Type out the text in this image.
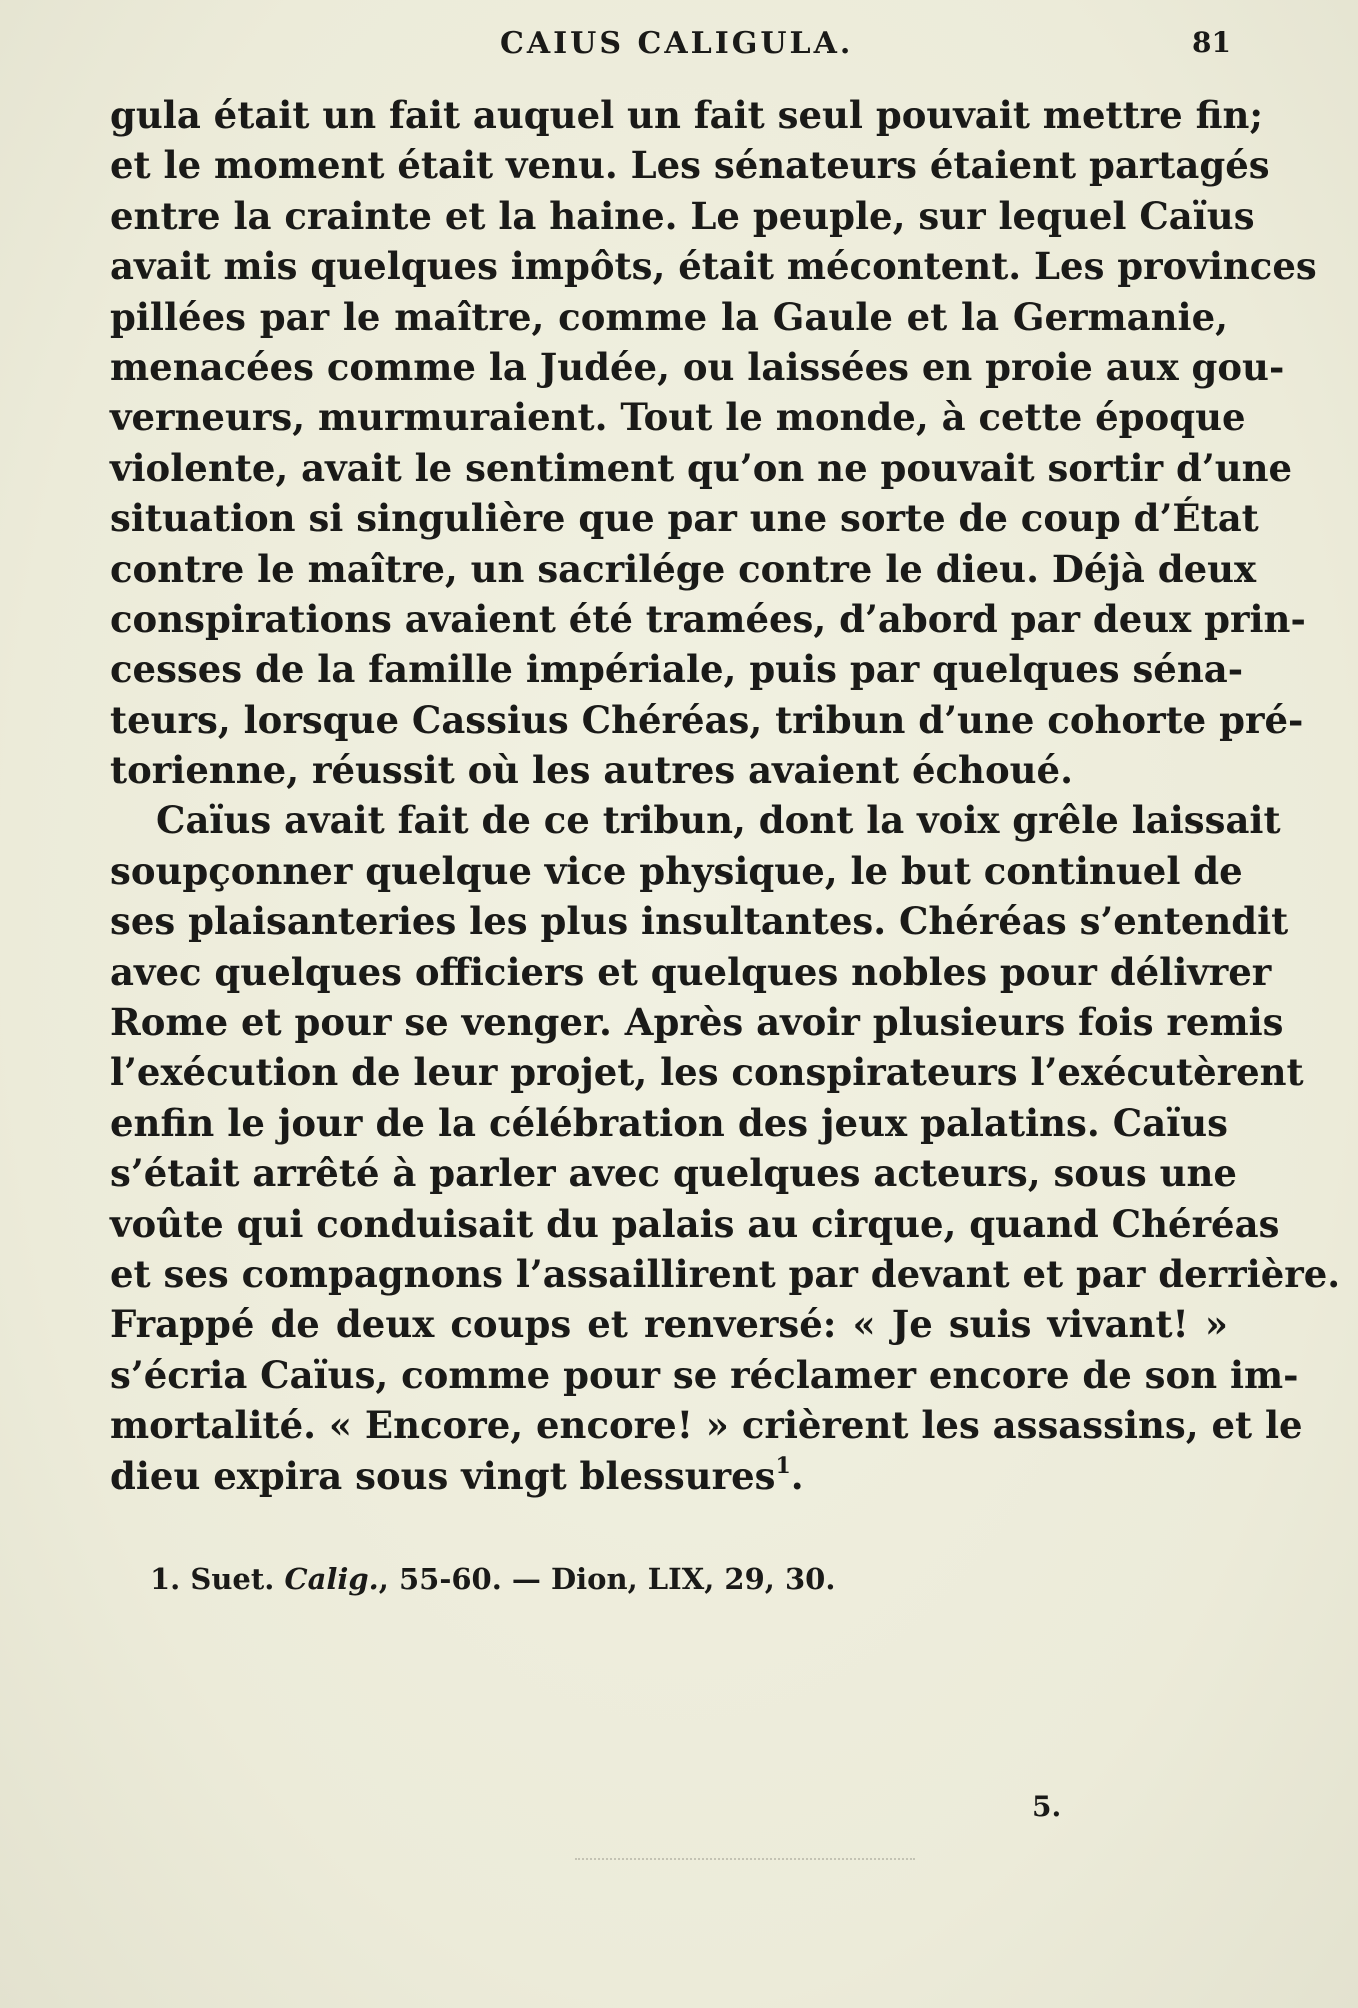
CAIUS CALIGULA.	81
gula était un fait auquel un fait seul pouvait mettre fin;
et le moment était venu. Les sénateurs étaient partagés
entre la crainte et la haine. Le peuple, sur lequel Caïus
avait mis quelques impôts, était mécontent. Les provinces
pillées par le maître, comme la Gaule et la Germanie,
menacées comme la Judée, ou laissées en proie aux gou-
verneurs, murmuraient. Tout le monde, à cette époque
violente, avait le sentiment qu’on ne pouvait sortir d’une
situation si singulière que par une sorte de coup d’État
contre le maître, un sacrilége contre le dieu. Déjà deux
conspirations avaient été tramées, d’abord par deux prin-
cesses de la famille impériale, puis par quelques séna-
teurs, lorsque Cassius Chéréas, tribun d’une cohorte pré-
torienne, réussit où les autres avaient échoué.
Caïus avait fait de ce tribun, dont la voix grêle laissait
soupçonner quelque vice physique, le but continuel de
ses plaisanteries les plus insultantes. Chéréas s’entendit
avec quelques officiers et quelques nobles pour délivrer
Rome et pour se venger. Après avoir plusieurs fois remis
l’exécution de leur projet, les conspirateurs l’exécutèrent
enfin le jour de la célébration des jeux palatins. Caïus
s’était arrêté à parler avec quelques acteurs, sous une
voûte qui conduisait du palais au cirque, quand Chéréas
et ses compagnons l’assaillirent par devant et par derrière.
Frappé de deux coups et renversé: « Je suis vivant! »
s’écria Caïus, comme pour se réclamer encore de son im-
mortalité. « Encore, encore! » crièrent les assassins, et le
dieu expira sous vingt blessures$^1$.
1. Suet. Calig., 55-60. — Dion, LIX, 29, 30.
5.
